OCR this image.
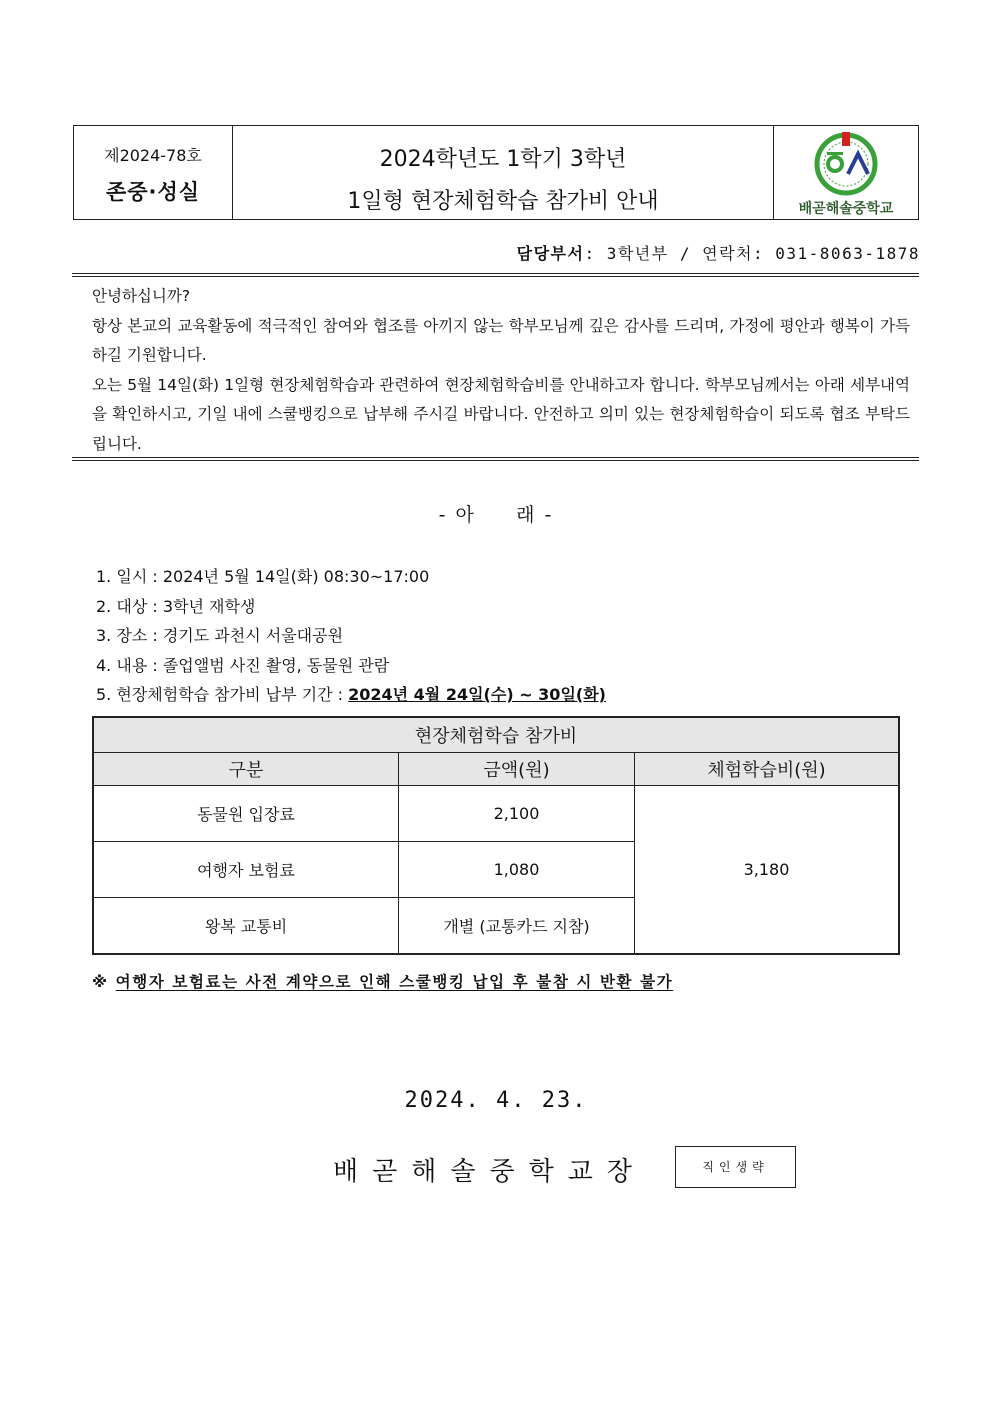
제2024-78호
존중·성실
2024학년도 1학기 3학년
1일형 현장체험학습 참가비 안내	배곧해솔중학교
담당부서: 3학년부 / 연락처: 031-8063-1878

안녕하십니까?

항상 본교의 교육활동에 적극적인 참여와 협조를 아끼지 않는 학부모님께 깊은 감사를 드리며, 가정에 평안과 행복이 가득하길 기원합니다.

오는 5월 14일(화) 1일형 현장체험학습과 관련하여 현장체험학습비를 안내하고자 합니다. 학부모님께서는 아래 세부내역을 확인하시고, 기일 내에 스쿨뱅킹으로 납부해 주시길 바랍니다. 안전하고 의미 있는 현장체험학습이 되도록 협조 부탁드립니다.

- 아     래 -
1. 일시 : 2024년 5월 14일(화) 08:30~17:00
2. 대상 : 3학년 재학생
3. 장소 : 경기도 과천시 서울대공원
4. 내용 : 졸업앨범 사진 촬영, 동물원 관람
5. 현장체험학습 참가비 납부 기간 : 2024년 4월 24일(수) ~ 30일(화)
현장체험학습 참가비		
구분	금액(원)	체험학습비(원)
동물원 입장료	2,100	3,180
여행자 보험료	1,080	
왕복 교통비	개별 (교통카드 지참)	
※ 여행자 보험료는 사전 계약으로 인해 스쿨뱅킹 납입 후 불참 시 반환 불가
2024. 4. 23.
배곧해솔중학교장	직인생략
